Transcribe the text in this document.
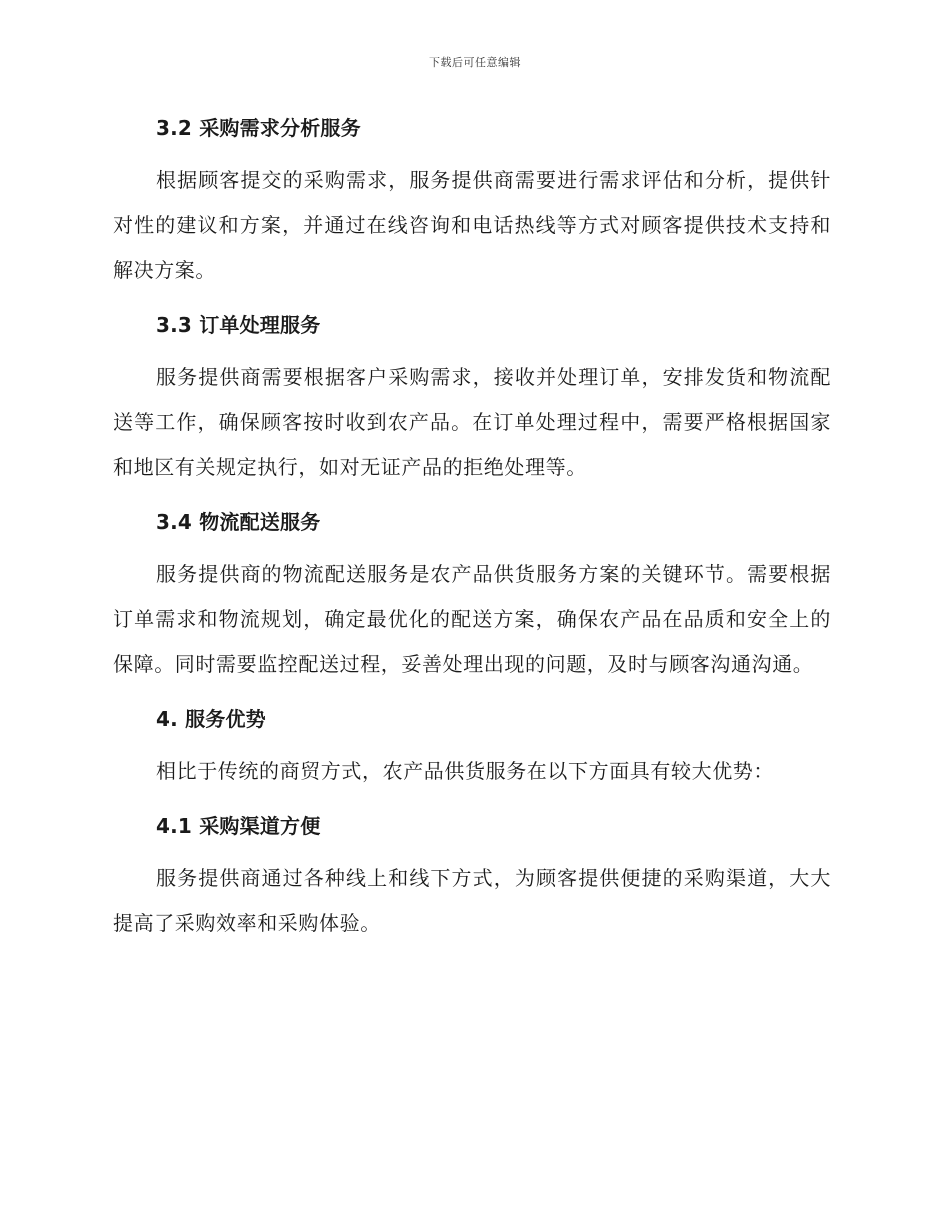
下载后可任意编辑
3.2 采购需求分析服务

根据顾客提交的采购需求，服务提供商需要进行需求评估和分析，提供针对性的建议和方案，并通过在线咨询和电话热线等方式对顾客提供技术支持和解决方案。

3.3 订单处理服务

服务提供商需要根据客户采购需求，接收并处理订单，安排发货和物流配送等工作，确保顾客按时收到农产品。在订单处理过程中，需要严格根据国家和地区有关规定执行，如对无证产品的拒绝处理等。

3.4 物流配送服务

服务提供商的物流配送服务是农产品供货服务方案的关键环节。需要根据订单需求和物流规划，确定最优化的配送方案，确保农产品在品质和安全上的保障。同时需要监控配送过程，妥善处理出现的问题，及时与顾客沟通沟通。

4. 服务优势

相比于传统的商贸方式，农产品供货服务在以下方面具有较大优势：

4.1 采购渠道方便

服务提供商通过各种线上和线下方式，为顾客提供便捷的采购渠道，大大提高了采购效率和采购体验。
